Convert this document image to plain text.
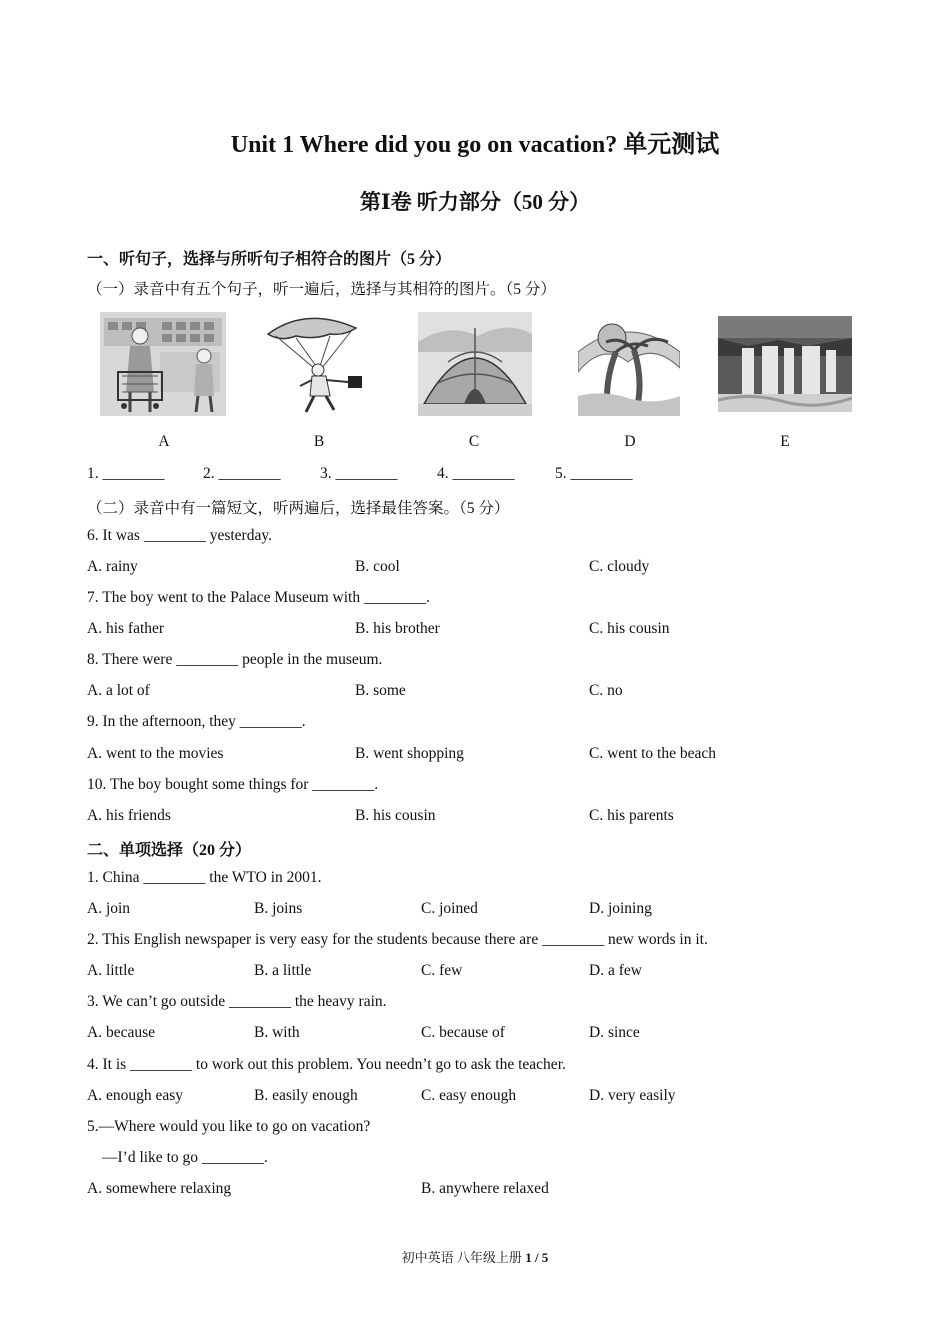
Unit 1 Where did you go on vacation? 单元测试
第Ⅰ卷 听力部分（50 分）
一、听句子，选择与所听句子相符合的图片（5 分）
（一）录音中有五个句子，听一遍后，选择与其相符的图片。（5 分）
A	B	C	D	E
1. ________ 2. ________	3. ________	4. ________	5. ________
（二）录音中有一篇短文，听两遍后，选择最佳答案。（5 分）
6. It was ________ yesterday.
A. rainy	B. cool	C. cloudy
7. The boy went to the Palace Museum with ________.
A. his father	B. his brother	C. his cousin
8. There were ________ people in the museum.
A. a lot of	B. some	C. no
9. In the afternoon, they ________.
A. went to the movies	B. went shopping	C. went to the beach
10. The boy bought some things for ________.
A. his friends	B. his cousin	C. his parents
二、单项选择（20 分）
1. China ________ the WTO in 2001.
A. join	B. joins	C. joined	D. joining
2. This English newspaper is very easy for the students because there are ________ new words in it.
A. little	B. a little	C. few	D. a few
3. We can’t go outside ________ the heavy rain.
A. because	B. with	C. because of	D. since
4. It is ________ to work out this problem. You needn’t go to ask the teacher.
A. enough easy	B. easily enough	C. easy enough	D. very easily
5.—Where would you like to go on vacation?
—I’d like to go ________.
A. somewhere relaxing	B. anywhere relaxed
初中英语 八年级上册 1 / 5
